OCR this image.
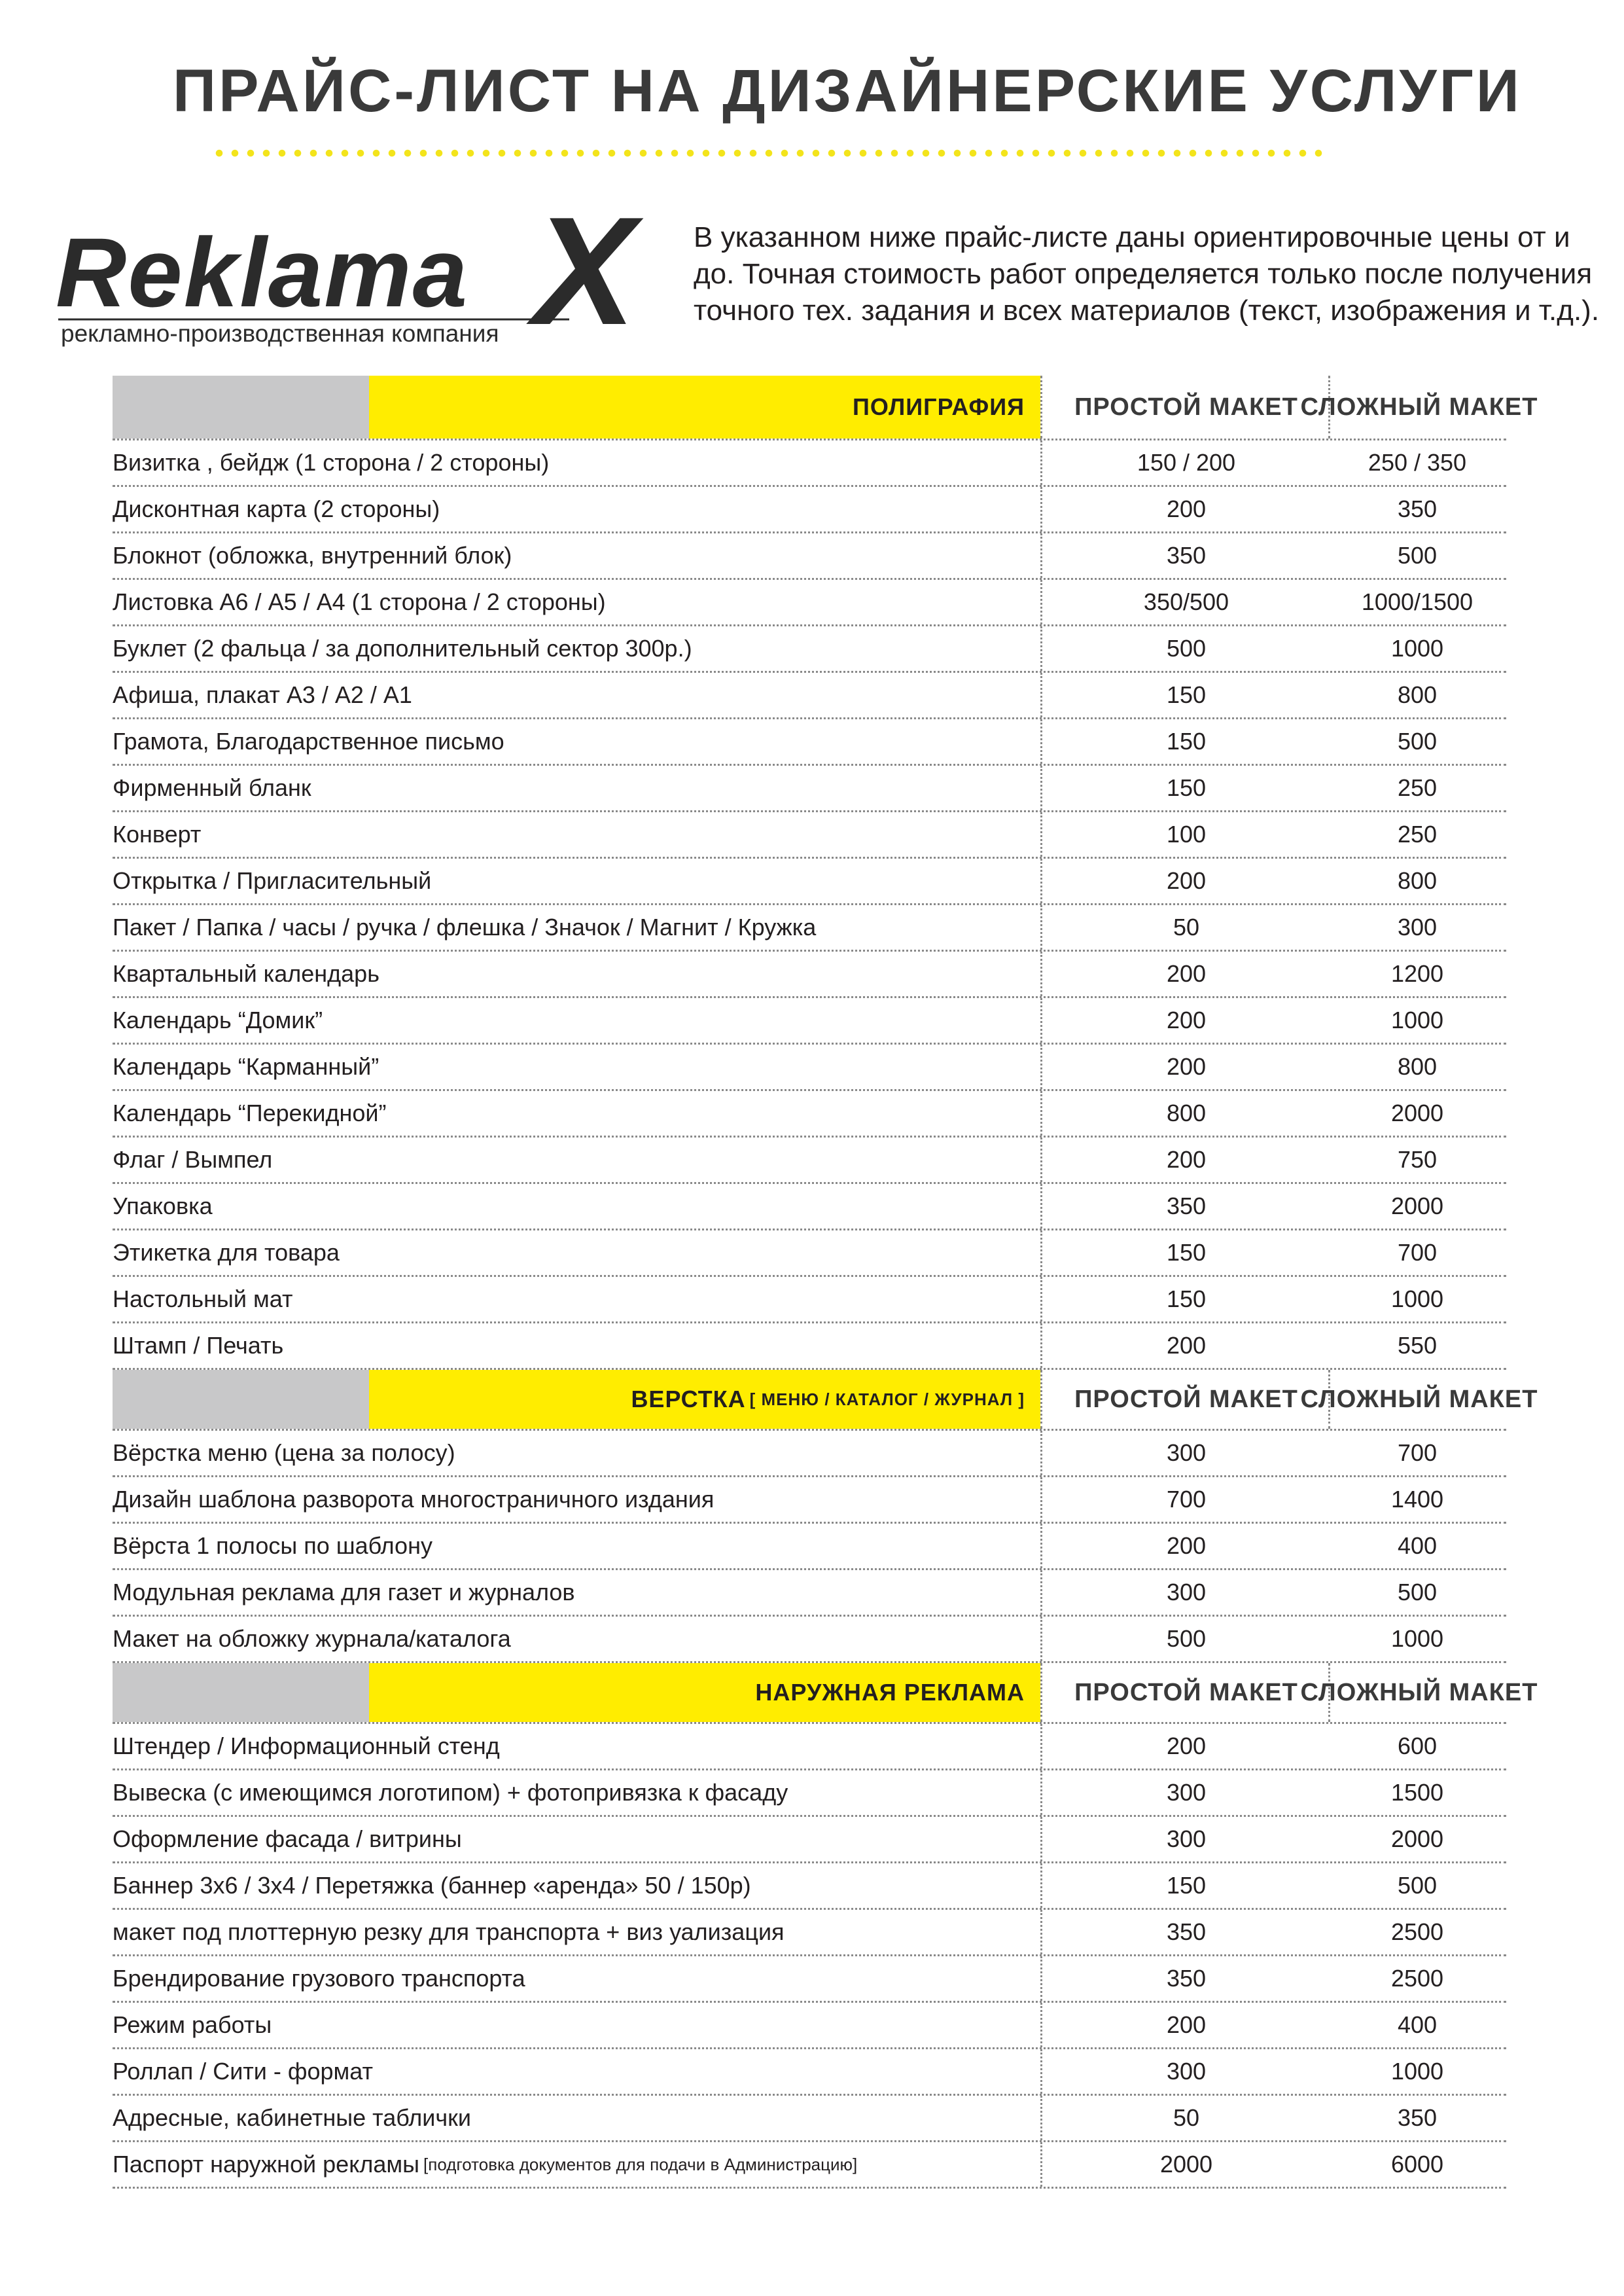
ПРАЙС-ЛИСТ НА ДИЗАЙНЕРСКИЕ УСЛУГИ
Reklama X
рекламно-производственная компания

В указанном ниже прайс-листе даны ориентировочные цены от и до. Точная стоимость работ определяется только после получения точного тех. задания и всех материалов (текст, изображения и т.д.).

ПОЛИГРАФИЯ	ПРОСТОЙ МАКЕТ СЛОЖНЫЙ МАКЕТ
Визитка , бейдж (1 сторона / 2 стороны)	150 / 200	250 / 350
Дисконтная карта (2 стороны)	200	350
Блокнот (обложка, внутренний блок)	350	500
Листовка А6 / А5 / А4 (1 сторона / 2 стороны)	350/500	1000/1500
Буклет (2 фальца / за дополнительный сектор 300р.)	500	1000
Афиша, плакат А3 / А2 / А1	150	800
Грамота, Благодарственное письмо	150	500
Фирменный бланк	150	250
Конверт	100	250
Открытка / Пригласительный	200	800
Пакет / Папка / часы / ручка / флешка / Значок / Магнит / Кружка	50	300
Квартальный календарь	200	1200
Календарь “Домик”	200	1000
Календарь “Карманный”	200	800
Календарь “Перекидной”	800	2000
Флаг / Вымпел	200	750
Упаковка	350	2000
Этикетка для товара	150	700
Настольный мат	150	1000
Штамп / Печать	200	550
ВЕРСТКА [ МЕНЮ / КАТАЛОГ / ЖУРНАЛ ]	ПРОСТОЙ МАКЕТ СЛОЖНЫЙ МАКЕТ
Вёрстка меню (цена за полосу)	300	700
Дизайн шаблона разворота многостраничного издания	700	1400
Вёрста 1 полосы по шаблону	200	400
Модульная реклама для газет и журналов	300	500
Макет на обложку журнала/каталога	500	1000
НАРУЖНАЯ РЕКЛАМА	ПРОСТОЙ МАКЕТ СЛОЖНЫЙ МАКЕТ
Штендер / Информационный стенд	200	600
Вывеска (с имеющимся логотипом) + фотопривязка к фасаду	300	1500
Оформление фасада / витрины	300	2000
Баннер 3х6 / 3х4 / Перетяжка (баннер «аренда» 50 / 150р)	150	500
макет под плоттерную резку для транспорта + виз уализация	350	2500
Брендирование грузового транспорта	350	2500
Режим работы	200	400
Роллап / Сити - формат	300	1000
Адресные, кабинетные таблички	50	350
Паспорт наружной рекламы [подготовка документов для подачи в Администрацию]	2000	6000
